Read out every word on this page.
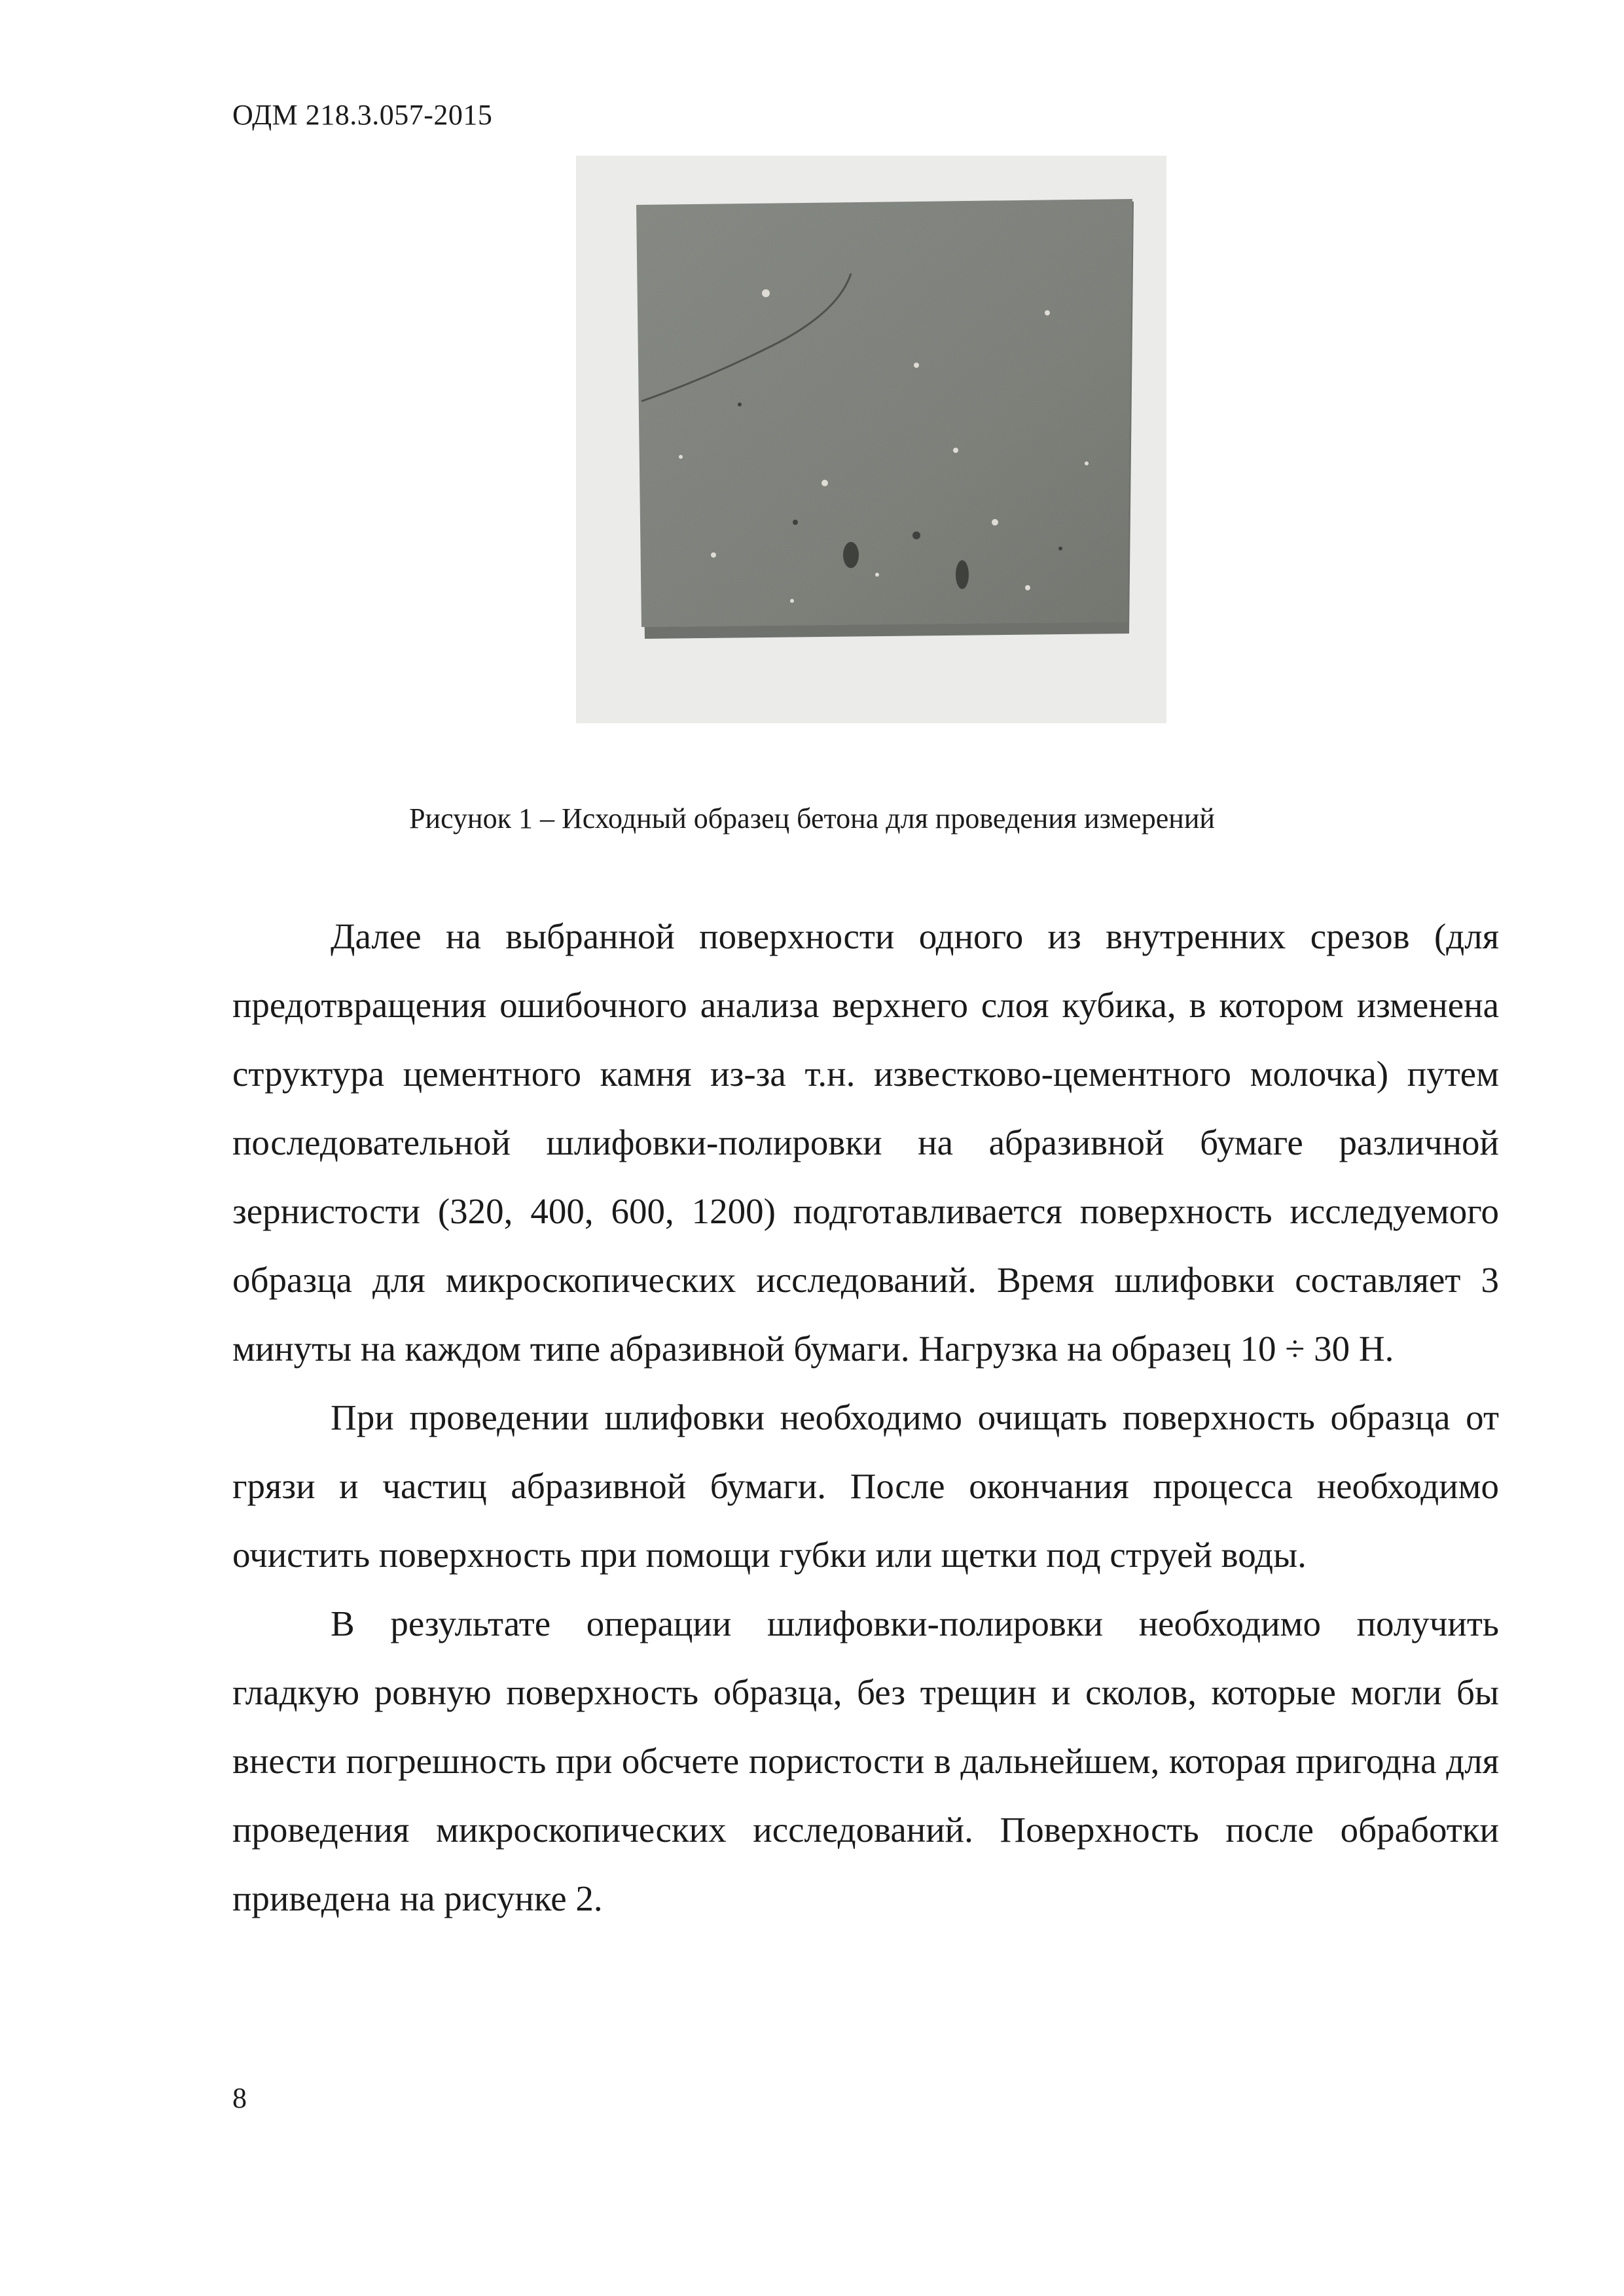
ОДМ 218.3.057-2015
Рисунок 1 – Исходный образец бетона для проведения измерений

Далее на выбранной поверхности одного из внутренних срезов (для предотвращения ошибочного анализа верхнего слоя кубика, в котором изменена структура цементного камня из-за т.н. известково-цементного молочка) путем последовательной шлифовки-полировки на абразивной бумаге различной зернистости (320, 400, 600, 1200) подготавливается поверхность исследуемого образца для микроскопических исследований. Время шлифовки составляет 3 минуты на каждом типе абразивной бумаги. Нагрузка на образец 10 ÷ 30 Н.

При проведении шлифовки необходимо очищать поверхность образца от грязи и частиц абразивной бумаги. После окончания процесса необходимо очистить поверхность при помощи губки или щетки под струей воды.

В результате операции шлифовки-полировки необходимо получить гладкую ровную поверхность образца, без трещин и сколов, которые могли бы внести погрешность при обсчете пористости в дальнейшем, которая пригодна для проведения микроскопических исследований. Поверхность после обработки приведена на рисунке 2.

8
